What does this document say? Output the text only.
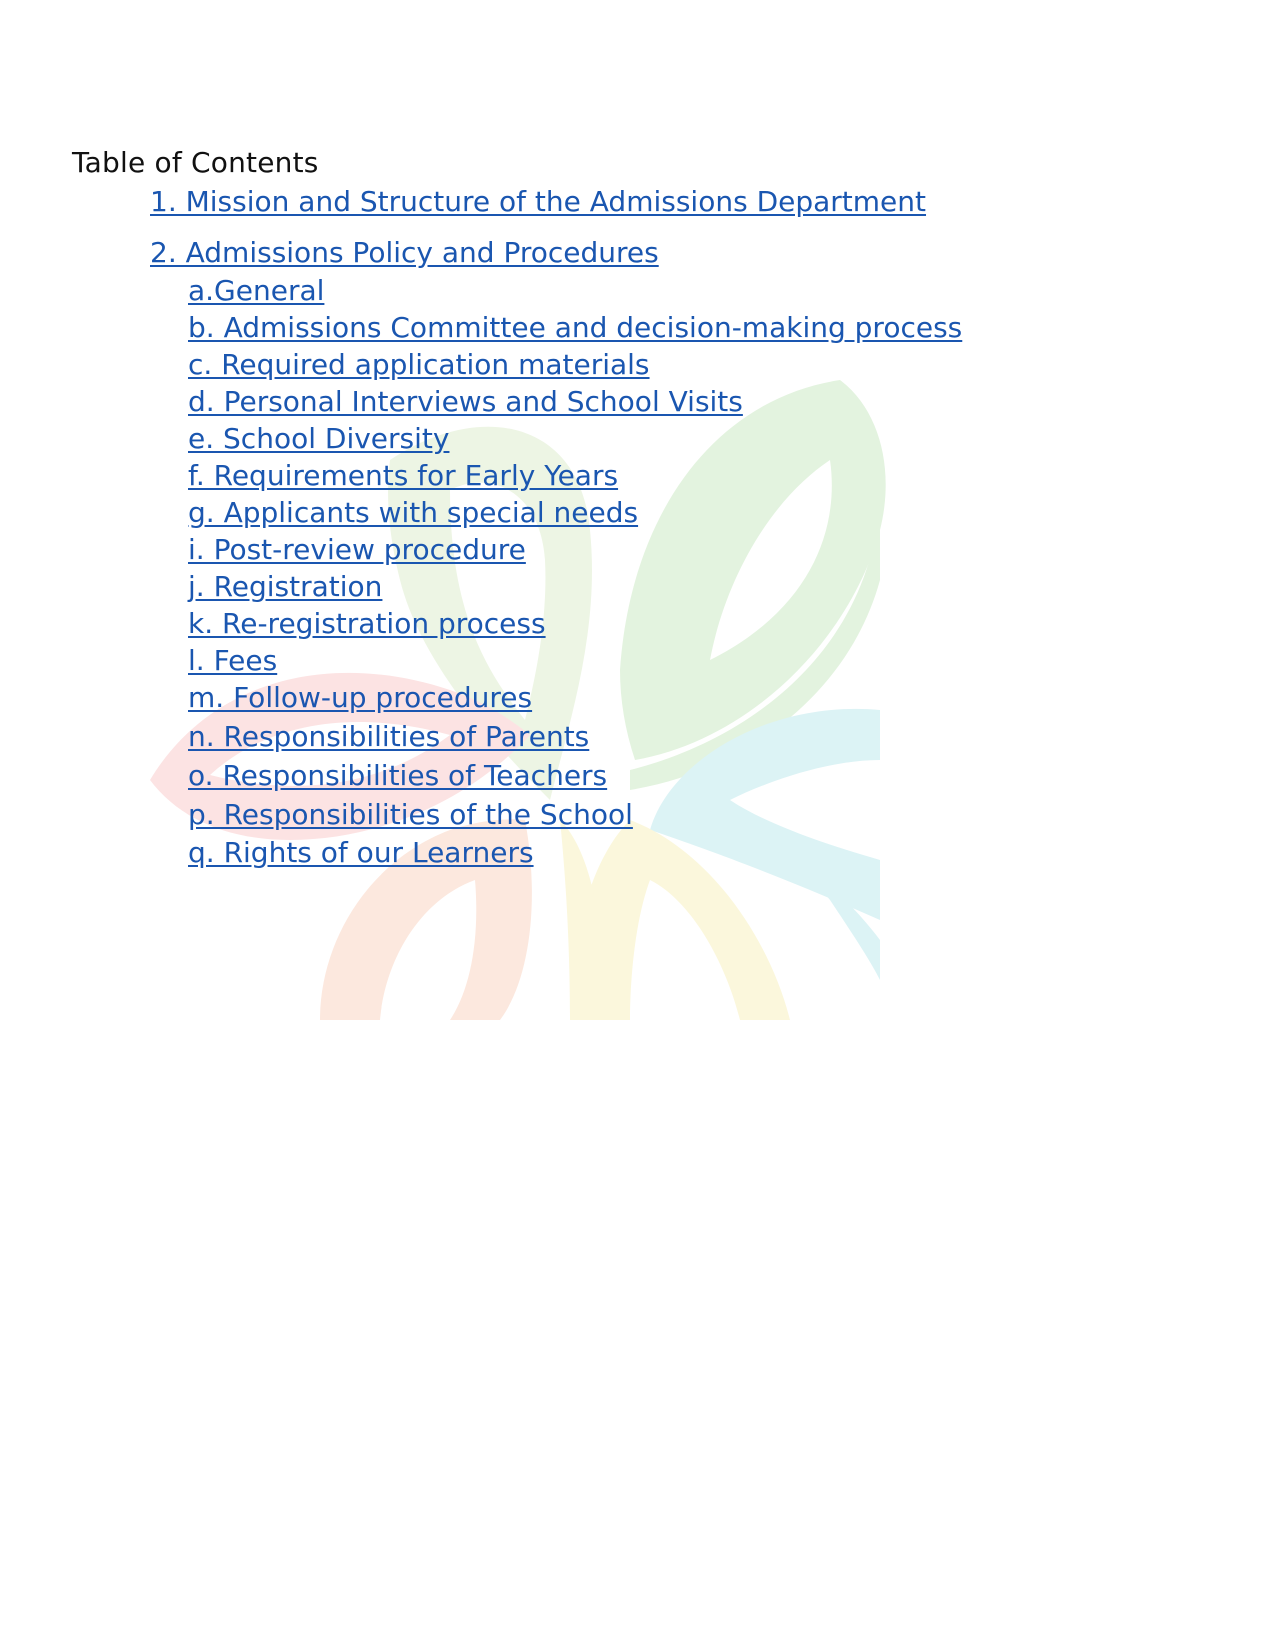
Table of Contents
1. Mission and Structure of the Admissions Department
2. Admissions Policy and Procedures
a.General
b. Admissions Committee and decision-making process
c. Required application materials
d. Personal Interviews and School Visits
e. School Diversity
f. Requirements for Early Years
g. Applicants with special needs
i. Post-review procedure
j. Registration
k. Re-registration process
l. Fees
m. Follow-up procedures
n. Responsibilities of Parents
o. Responsibilities of Teachers
p. Responsibilities of the School
q. Rights of our Learners
